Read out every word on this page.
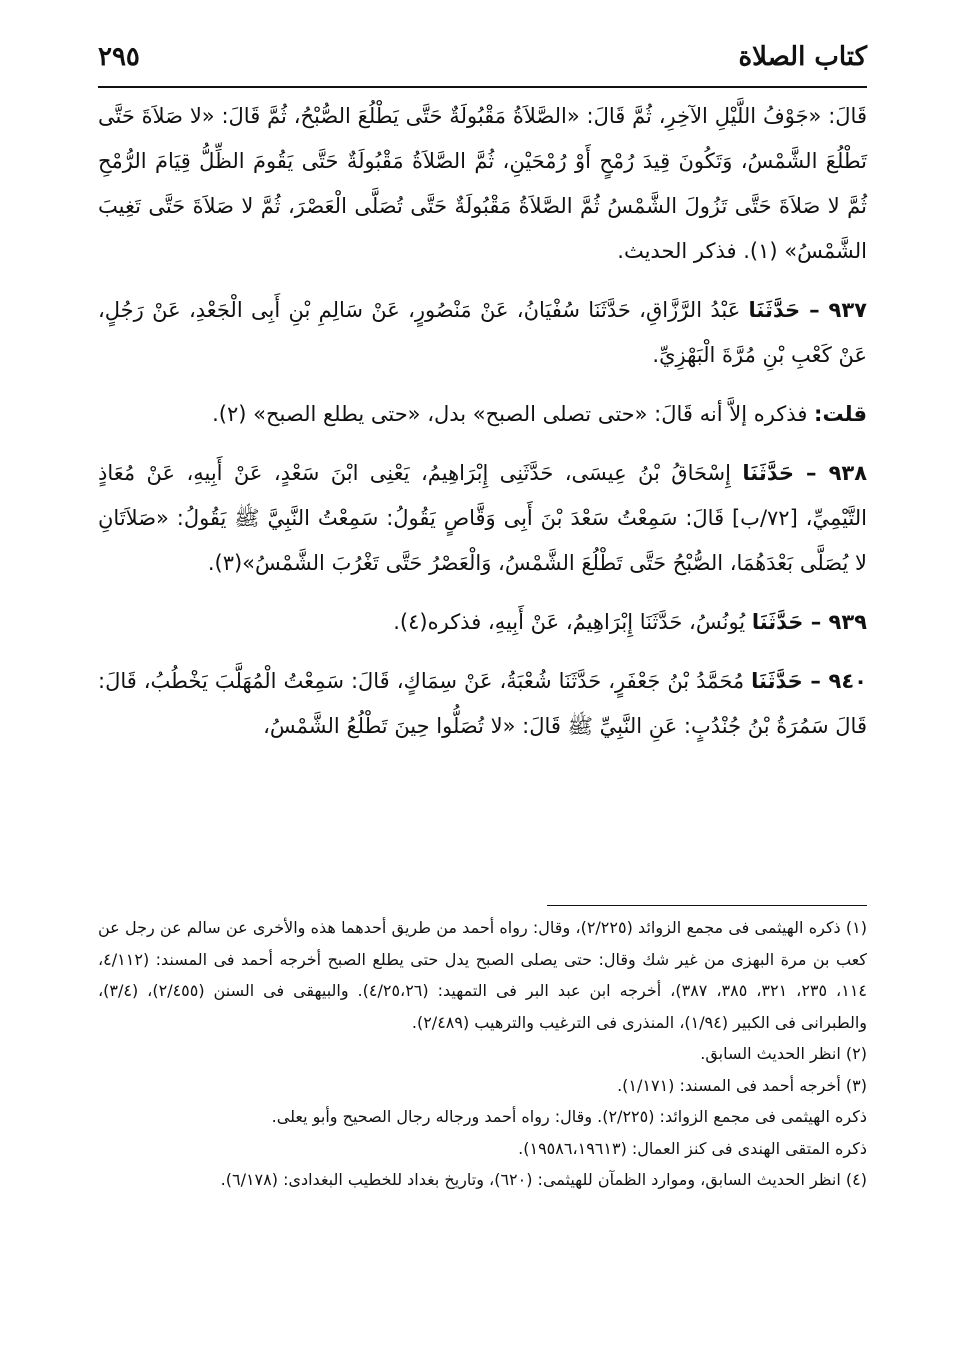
كتاب الصلاة
٢٩٥

قَالَ: «جَوْفُ اللَّيْلِ الآخِرِ، ثُمَّ قَالَ: «الصَّلاَةُ مَقْبُولَةٌ حَتَّى يَطْلُعَ الصُّبْحُ، ثُمَّ قَالَ: «لا صَلاَةَ حَتَّى تَطْلُعَ الشَّمْسُ، وَتَكُونَ قِيدَ رُمْحٍ أَوْ رُمْحَيْنِ، ثُمَّ الصَّلاَةُ مَقْبُولَةٌ حَتَّى يَقُومَ الظِّلُّ قِيَامَ الرُّمْحِ ثُمَّ لا صَلاَةَ حَتَّى تَزُولَ الشَّمْسُ ثُمَّ الصَّلاَةُ مَقْبُولَةٌ حَتَّى تُصَلَّى الْعَصْرَ، ثُمَّ لا صَلاَةَ حَتَّى تَغِيبَ الشَّمْسُ» (١). فذكر الحديث.

٩٣٧ – حَدَّثَنَا عَبْدُ الرَّزَّاقِ، حَدَّثَنَا سُفْيَانُ، عَنْ مَنْصُورٍ، عَنْ سَالِمِ بْنِ أَبِى الْجَعْدِ، عَنْ رَجُلٍ، عَنْ كَعْبِ بْنِ مُرَّةَ الْبَهْزِيِّ.

قلت: فذكره إلاَّ أنه قَالَ: «حتى تصلى الصبح» بدل، «حتى يطلع الصبح» (٢).

٩٣٨ – حَدَّثَنَا إِسْحَاقُ بْنُ عِيسَى، حَدَّثَنِى إِبْرَاهِيمُ، يَعْنِى ابْنَ سَعْدٍ، عَنْ أَبِيهِ، عَنْ مُعَاذٍ التَّيْمِيِّ، [٧٢/ب] قَالَ: سَمِعْتُ سَعْدَ بْنَ أَبِى وَقَّاصٍ يَقُولُ: سَمِعْتُ النَّبِيَّ ﷺ يَقُولُ: «صَلاَتَانِ لا يُصَلَّى بَعْدَهُمَا، الصُّبْحُ حَتَّى تَطْلُعَ الشَّمْسُ، وَالْعَصْرُ حَتَّى تَغْرُبَ الشَّمْسُ»(٣).

٩٣٩ – حَدَّثَنَا يُونُسُ، حَدَّثَنَا إِبْرَاهِيمُ، عَنْ أَبِيهِ، فذكره(٤).

٩٤٠ – حَدَّثَنَا مُحَمَّدُ بْنُ جَعْفَرٍ، حَدَّثَنَا شُعْبَةُ، عَنْ سِمَاكٍ، قَالَ: سَمِعْتُ الْمُهَلَّبَ يَخْطُبُ، قَالَ: قَالَ سَمُرَةُ بْنُ جُنْدُبٍ: عَنِ النَّبِيِّ ﷺ قَالَ: «لا تُصَلُّوا حِينَ تَطْلُعُ الشَّمْسُ،

(١) ذكره الهيثمى فى مجمع الزوائد (٢/٢٢٥)، وقال: رواه أحمد من طريق أحدهما هذه والأخرى عن سالم عن رجل عن كعب بن مرة البهزى من غير شك وقال: حتى يصلى الصبح يدل حتى يطلع الصبح أخرجه أحمد فى المسند: (٤/١١٢، ١١٤، ٢٣٥، ٣٢١، ٣٨٥، ٣٨٧)، أخرجه ابن عبد البر فى التمهيد: (٤/٢٥،٢٦). والبيهقى فى السنن (٢/٤٥٥)، (٣/٤)، والطبرانى فى الكبير (١/٩٤)، المنذرى فى الترغيب والترهيب (٢/٤٨٩).

(٢) انظر الحديث السابق.

(٣) أخرجه أحمد فى المسند: (١/١٧١).

ذكره الهيثمى فى مجمع الزوائد: (٢/٢٢٥). وقال: رواه أحمد ورجاله رجال الصحيح وأبو يعلى.

ذكره المتقى الهندى فى كنز العمال: (١٩٥٨٦،١٩٦١٣).

(٤) انظر الحديث السابق، وموارد الظمآن للهيثمى: (٦٢٠)، وتاريخ بغداد للخطيب البغدادى: (٦/١٧٨).
